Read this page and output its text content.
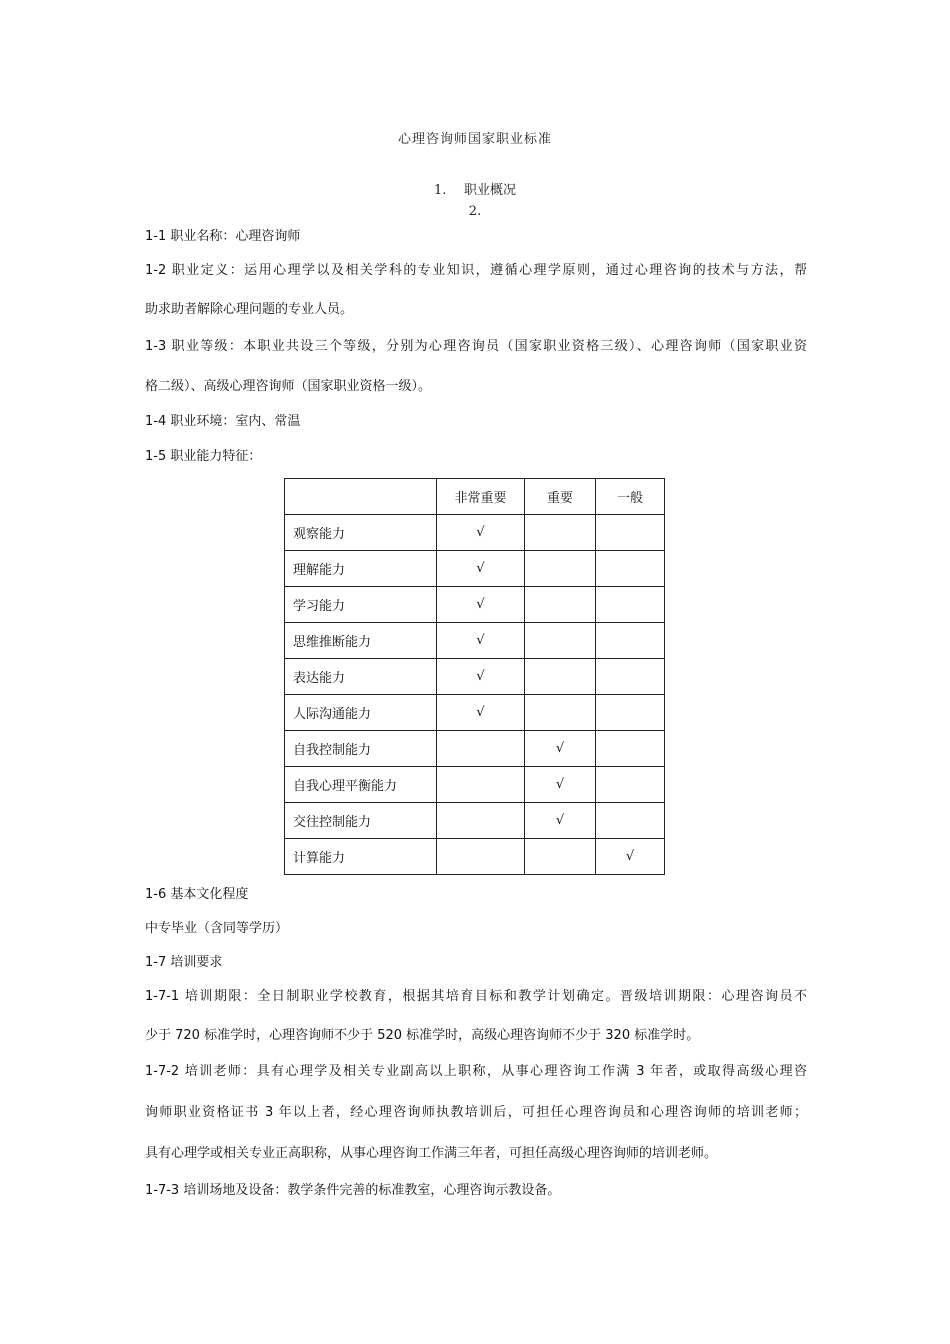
心理咨询师国家职业标准
1. 职业概况
2.
1-1 职业名称：心理咨询师
1-2 职业定义：运用心理学以及相关学科的专业知识，遵循心理学原则，通过心理咨询的技术与方法，帮
助求助者解除心理问题的专业人员。
1-3 职业等级：本职业共设三个等级，分别为心理咨询员（国家职业资格三级）、心理咨询师（国家职业资
格二级）、高级心理咨询师（国家职业资格一级）。
1-4 职业环境：室内、常温
1-5 职业能力特征：
	非常重要	重要	一般
观察能力	√		
理解能力	√		
学习能力	√		
思维推断能力	√		
表达能力	√		
人际沟通能力	√		
自我控制能力		√	
自我心理平衡能力		√	
交往控制能力		√	
计算能力			√
1-6 基本文化程度
中专毕业（含同等学历）
1-7 培训要求
1-7-1 培训期限：全日制职业学校教育，根据其培育目标和教学计划确定。晋级培训期限：心理咨询员不
少于 720 标准学时，心理咨询师不少于 520 标准学时，高级心理咨询师不少于 320 标准学时。
1-7-2 培训老师：具有心理学及相关专业副高以上职称，从事心理咨询工作满 3 年者，或取得高级心理咨
询师职业资格证书 3 年以上者，经心理咨询师执教培训后，可担任心理咨询员和心理咨询师的培训老师；
具有心理学或相关专业正高职称，从事心理咨询工作满三年者，可担任高级心理咨询师的培训老师。
1-7-3 培训场地及设备：教学条件完善的标准教室，心理咨询示教设备。
